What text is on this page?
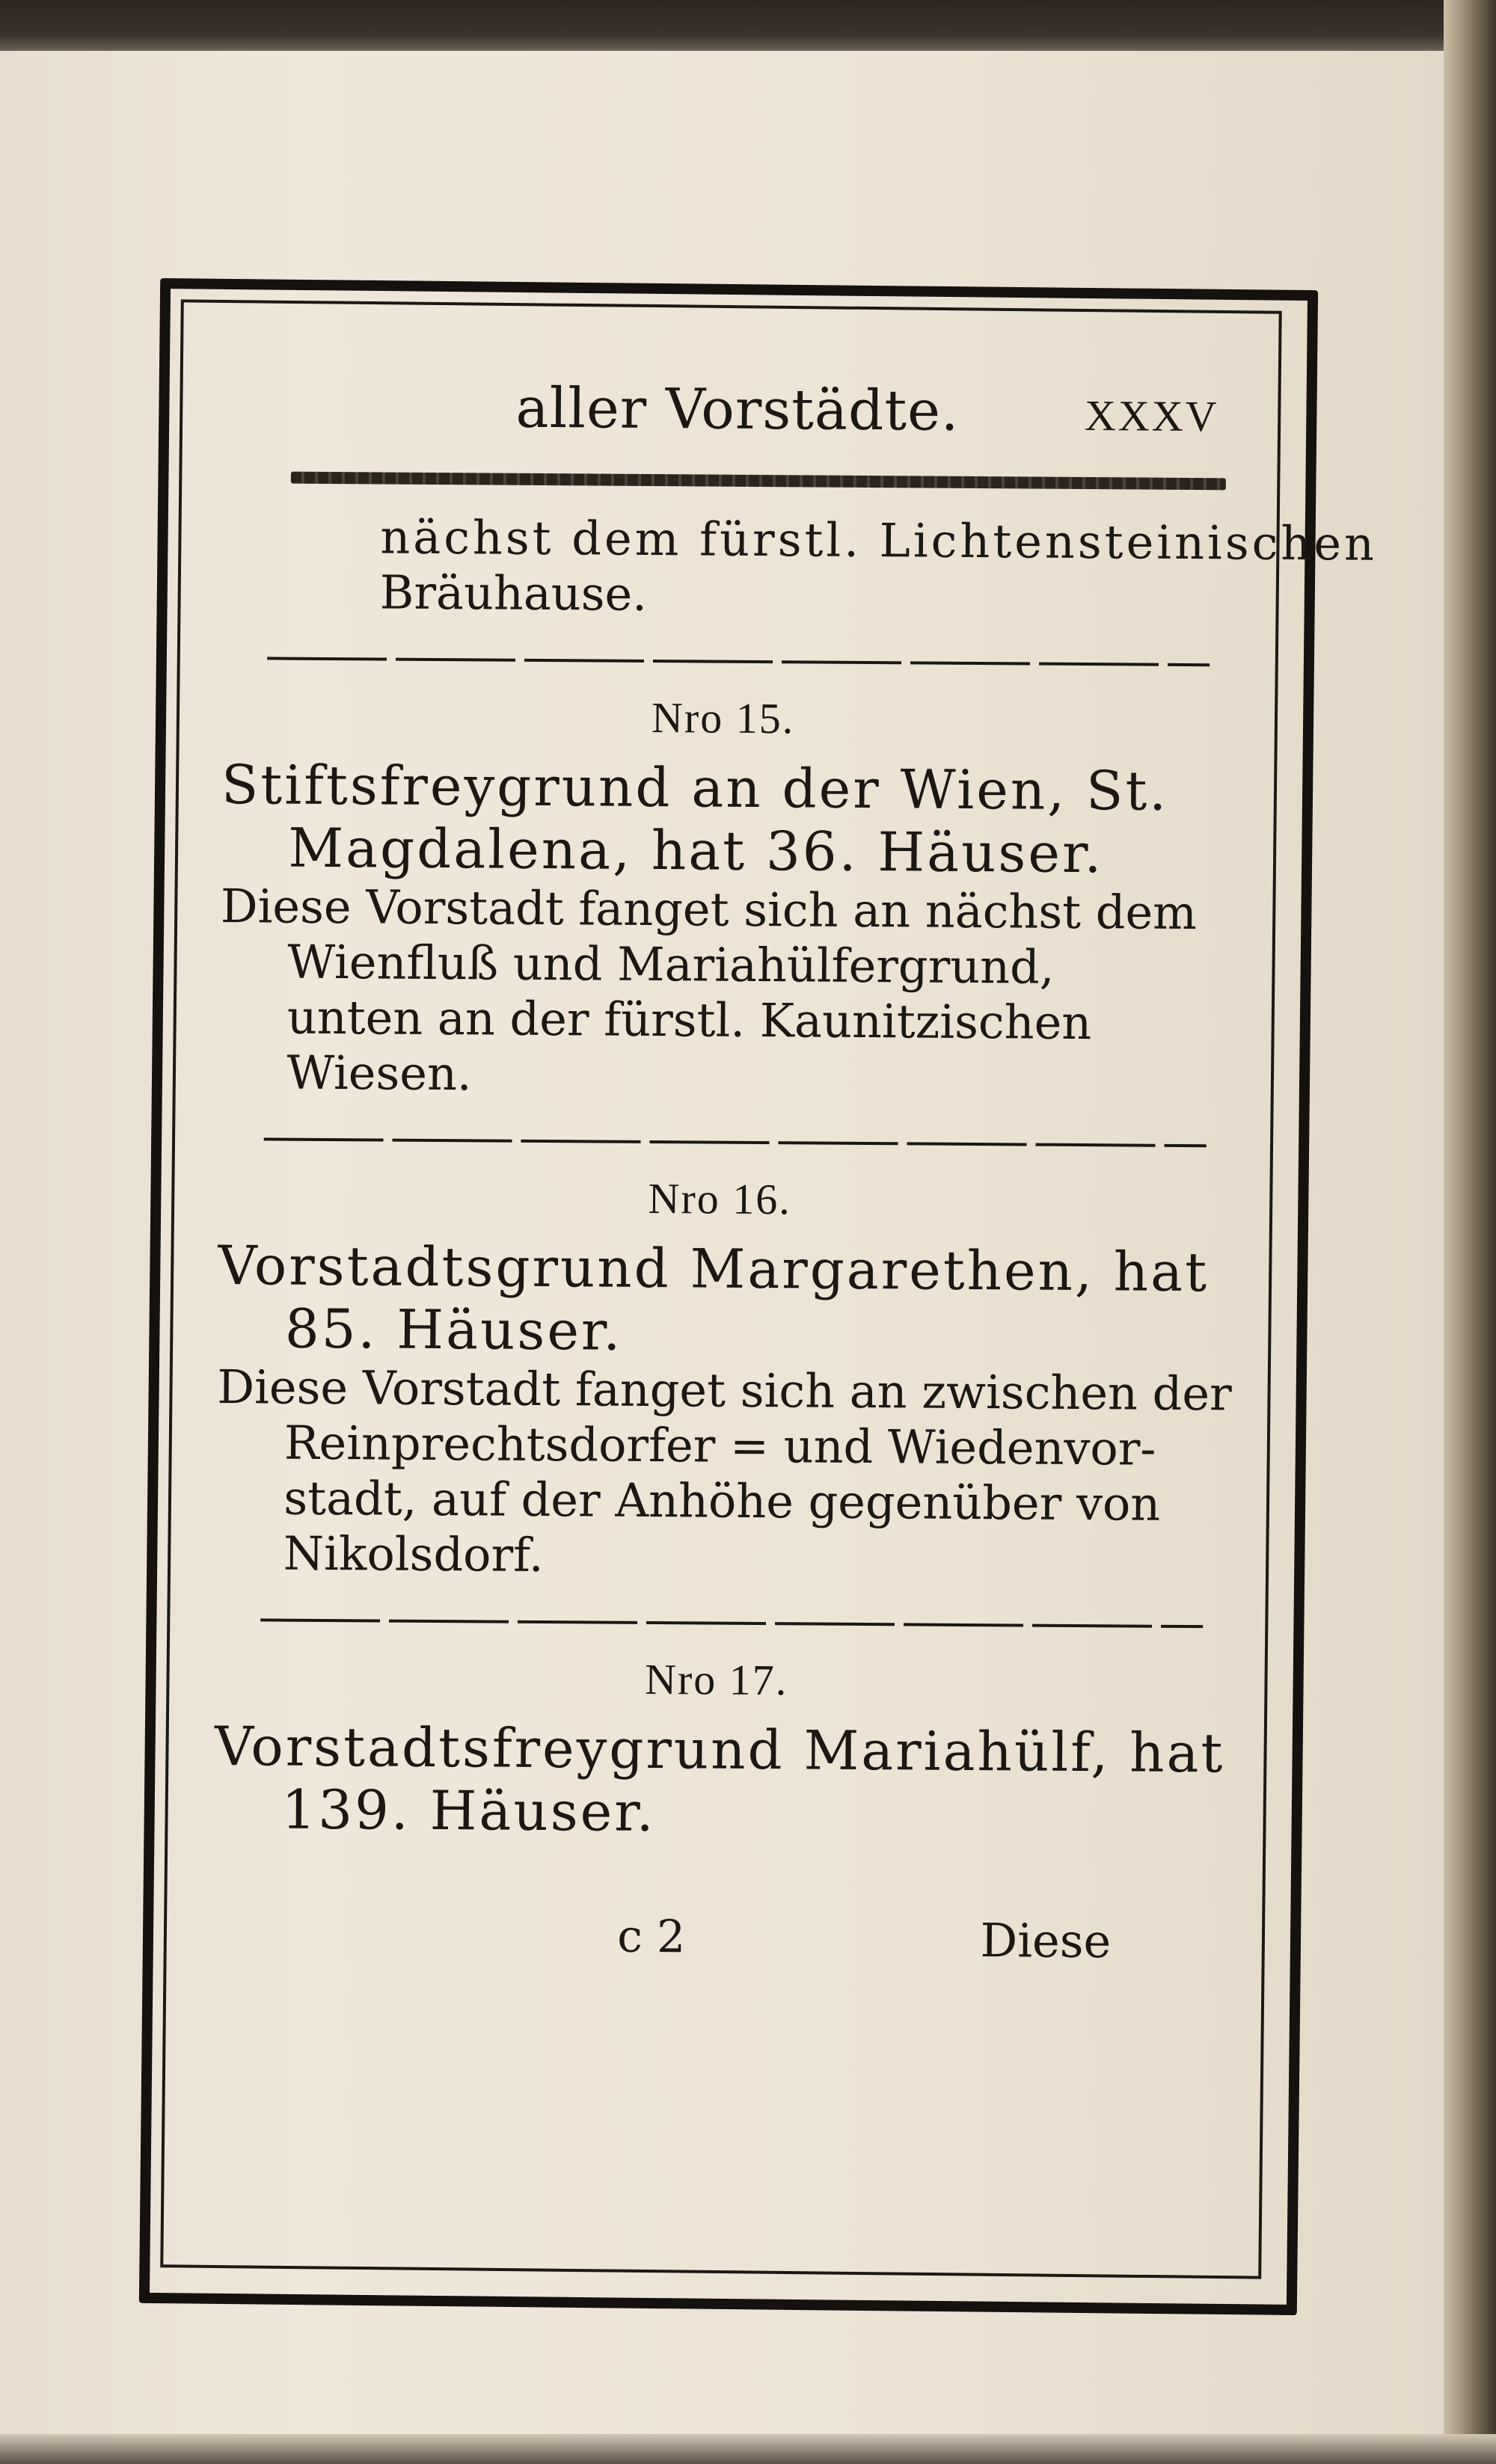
aller Vorstädte.	XXXV
nächst dem fürstl. Lichtensteinischen
Bräuhause.
Nro 15.
Stiftsfreygrund an der Wien, St.
Magdalena, hat 36. Häuser.
Diese Vorstadt fanget sich an nächst dem
Wienfluß und Mariahülfergrund,
unten an der fürstl. Kaunitzischen
Wiesen.
Nro 16.
Vorstadtsgrund Margarethen, hat
85. Häuser.
Diese Vorstadt fanget sich an zwischen der
Reinprechtsdorfer = und Wiedenvor-
stadt, auf der Anhöhe gegenüber von
Nikolsdorf.
Nro 17.
Vorstadtsfreygrund Mariahülf, hat
139. Häuser.
c 2	Diese
